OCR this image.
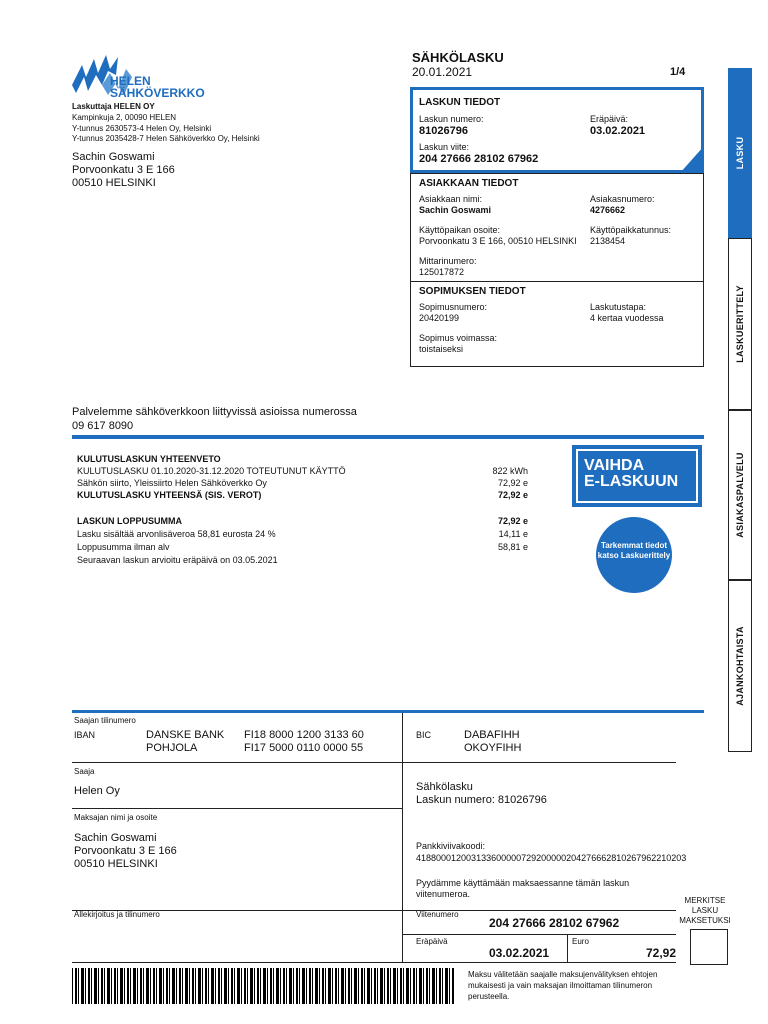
HELEN
SÄHKÖVERKKO
Laskuttaja HELEN OY
Kampinkuja 2, 00090 HELEN
Y-tunnus 2630573-4 Helen Oy, Helsinki
Y-tunnus 2035428-7 Helen Sähköverkko Oy, Helsinki
Sachin Goswami
Porvoonkatu 3 E 166
00510 HELSINKI
SÄHKÖLASKU
20.01.2021	1/4
LASKUN TIEDOT
Laskun numero:
81026796
Eräpäivä:
03.02.2021
Laskun viite:
204 27666 28102 67962
ASIAKKAAN TIEDOT
Asiakkaan nimi:
Sachin Goswami
Asiakasnumero:
4276662
Käyttöpaikan osoite:
Porvoonkatu 3 E 166, 00510 HELSINKI
Käyttöpaikkatunnus:
2138454
Mittarinumero:
125017872
SOPIMUKSEN TIEDOT
Sopimusnumero:
20420199
Laskutustapa:
4 kertaa vuodessa
Sopimus voimassa:
toistaiseksi
LASKU
LASKUERITTELY
ASIAKASPALVELU
AJANKOHTAISTA
Palvelemme sähköverkkoon liittyvissä asioissa numerossa
09 617 8090
KULUTUSLASKUN YHTEENVETO
KULUTUSLASKU 01.10.2020-31.12.2020 TOTEUTUNUT KÄYTTÖ	822 kWh
Sähkön siirto, Yleissiirto Helen Sähköverkko Oy	72,92 e
KULUTUSLASKU YHTEENSÄ (SIS. VEROT)	72,92 e
LASKUN LOPPUSUMMA	72,92 e
Lasku sisältää arvonlisäveroa 58,81 eurosta 24 %	14,11 e
Loppusumma ilman alv	58,81 e
Seuraavan laskun arvioitu eräpäivä on 03.05.2021
VAIHDA
E-LASKUUN
Tarkemmat tiedot
katso Laskuerittely
Saajan tilinumero
IBAN	DANSKE BANK FI18 8000 1200 3133 60
POHJOLA	FI17 5000 0110 0000 55
BIC	DABAFIHH
OKOYFIHH
Saaja
Helen Oy
Maksajan nimi ja osoite
Sachin Goswami
Porvoonkatu 3 E 166
00510 HELSINKI
Sähkölasku
Laskun numero: 81026796
Pankkiviivakoodi:
418800012003133600000729200000204276662810267962210203
Pyydämme käyttämään maksaessanne tämän laskun
viitenumeroa.
Allekirjoitus ja tilinumero	Viitenumero
204 27666 28102 67962
Eräpäivä
03.02.2021
Euro
72,92
MERKITSE
LASKU
MAKSETUKSI
Maksu välitetään saajalle maksujenvälityksen ehtojen
mukaisesti ja vain maksajan ilmoittaman tilinumeron
perusteella.
